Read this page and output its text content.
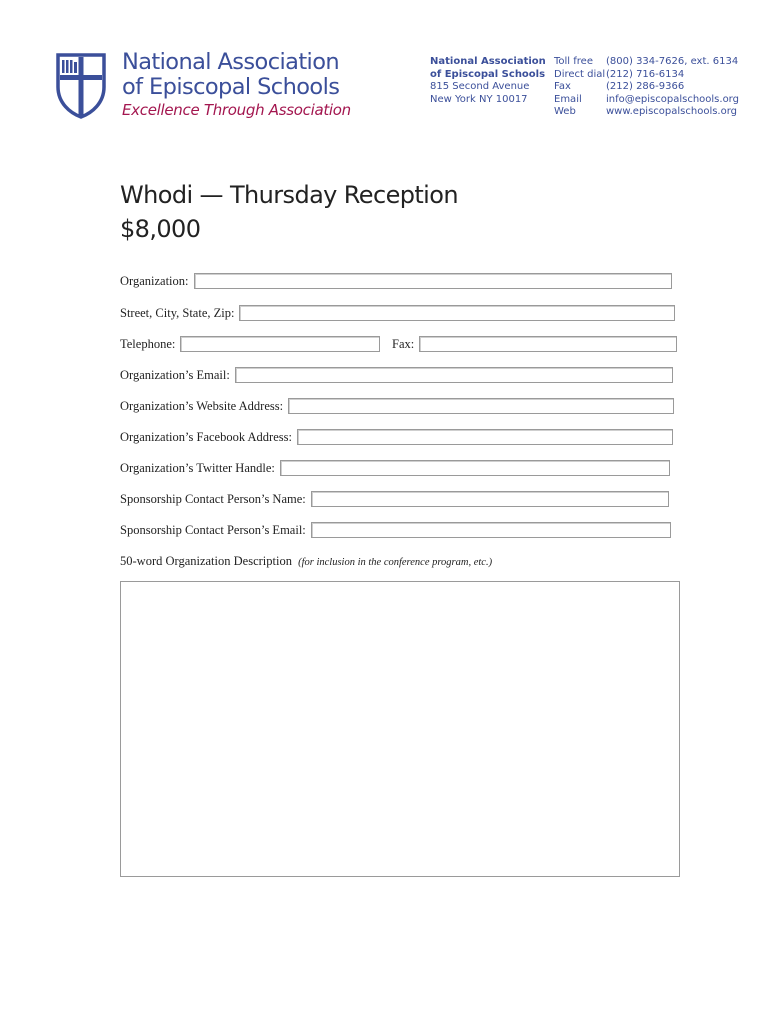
National Association
of Episcopal Schools
Excellence Through Association
National Association
of Episcopal Schools
815 Second Avenue
New York NY 10017
Toll free	(800) 334-7626, ext. 6134
Direct dial (212) 716-6134
Fax	(212) 286-9366
Email	info@episcopalschools.org
Web	www.episcopalschools.org
Whodi — Thursday Reception
$8,000
Organization:
Street, City, State, Zip:
Telephone:	Fax:
Organization’s Email:
Organization’s Website Address:
Organization’s Facebook Address:
Organization’s Twitter Handle:
Sponsorship Contact Person’s Name:
Sponsorship Contact Person’s Email:
50-word Organization Description (for inclusion in the conference program, etc.)
